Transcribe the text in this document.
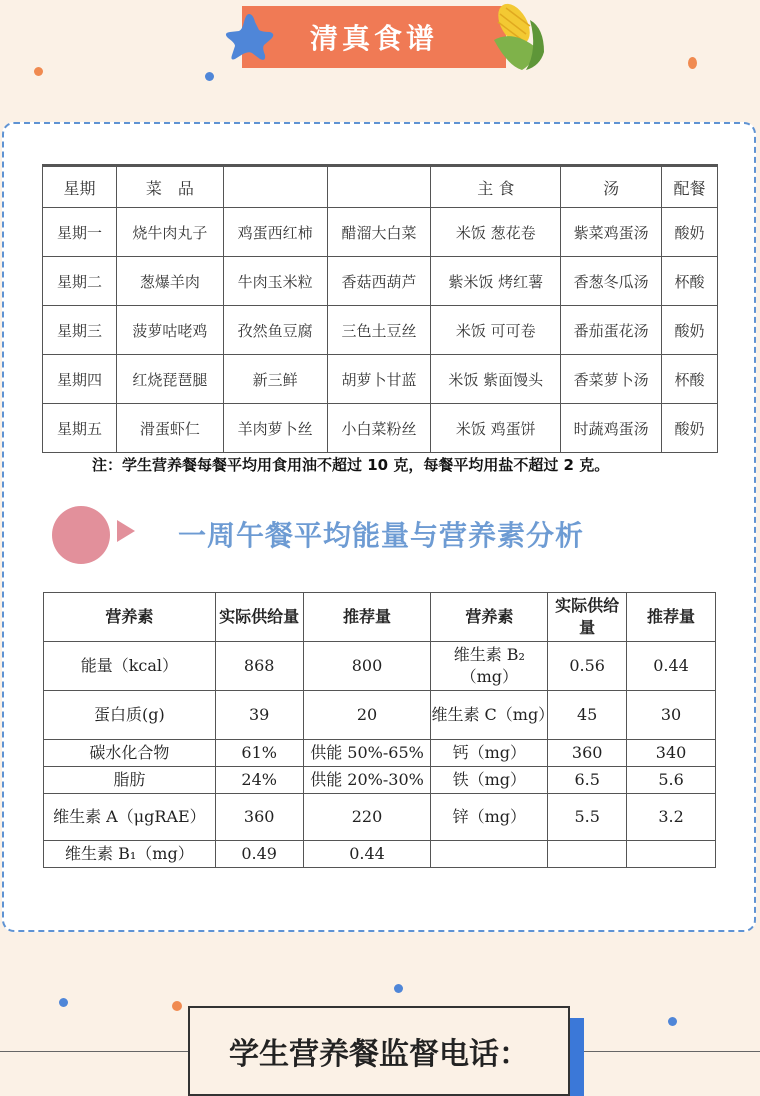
清真食谱
星期	菜　品			主 食	汤	配餐
星期一	烧牛肉丸子	鸡蛋西红柿	醋溜大白菜	米饭 葱花卷	紫菜鸡蛋汤	酸奶
星期二	葱爆羊肉	牛肉玉米粒	香菇西葫芦	紫米饭 烤红薯	香葱冬瓜汤	杯酸
星期三	菠萝咕咾鸡	孜然鱼豆腐	三色土豆丝	米饭 可可卷	番茄蛋花汤	酸奶
星期四	红烧琵琶腿	新三鲜	胡萝卜甘蓝	米饭 紫面馒头	香菜萝卜汤	杯酸
星期五	滑蛋虾仁	羊肉萝卜丝	小白菜粉丝	米饭 鸡蛋饼	时蔬鸡蛋汤	酸奶
注：学生营养餐每餐平均用食用油不超过 10 克，每餐平均用盐不超过 2 克。
一周午餐平均能量与营养素分析
营养素	实际供给量	推荐量	营养素	实际供给量	推荐量
能量（kcal）	868	800	维生素 B₂（mg）	0.56	0.44
蛋白质(g)	39	20	维生素 C（mg）	45	30
碳水化合物	61%	供能 50%-65%	钙（mg）	360	340
脂肪	24%	供能 20%-30%	铁（mg）	6.5	5.6
维生素 A（μgRAE）	360	220	锌（mg）	5.5	3.2
维生素 B₁（mg）	0.49	0.44			
学生营养餐监督电话：
